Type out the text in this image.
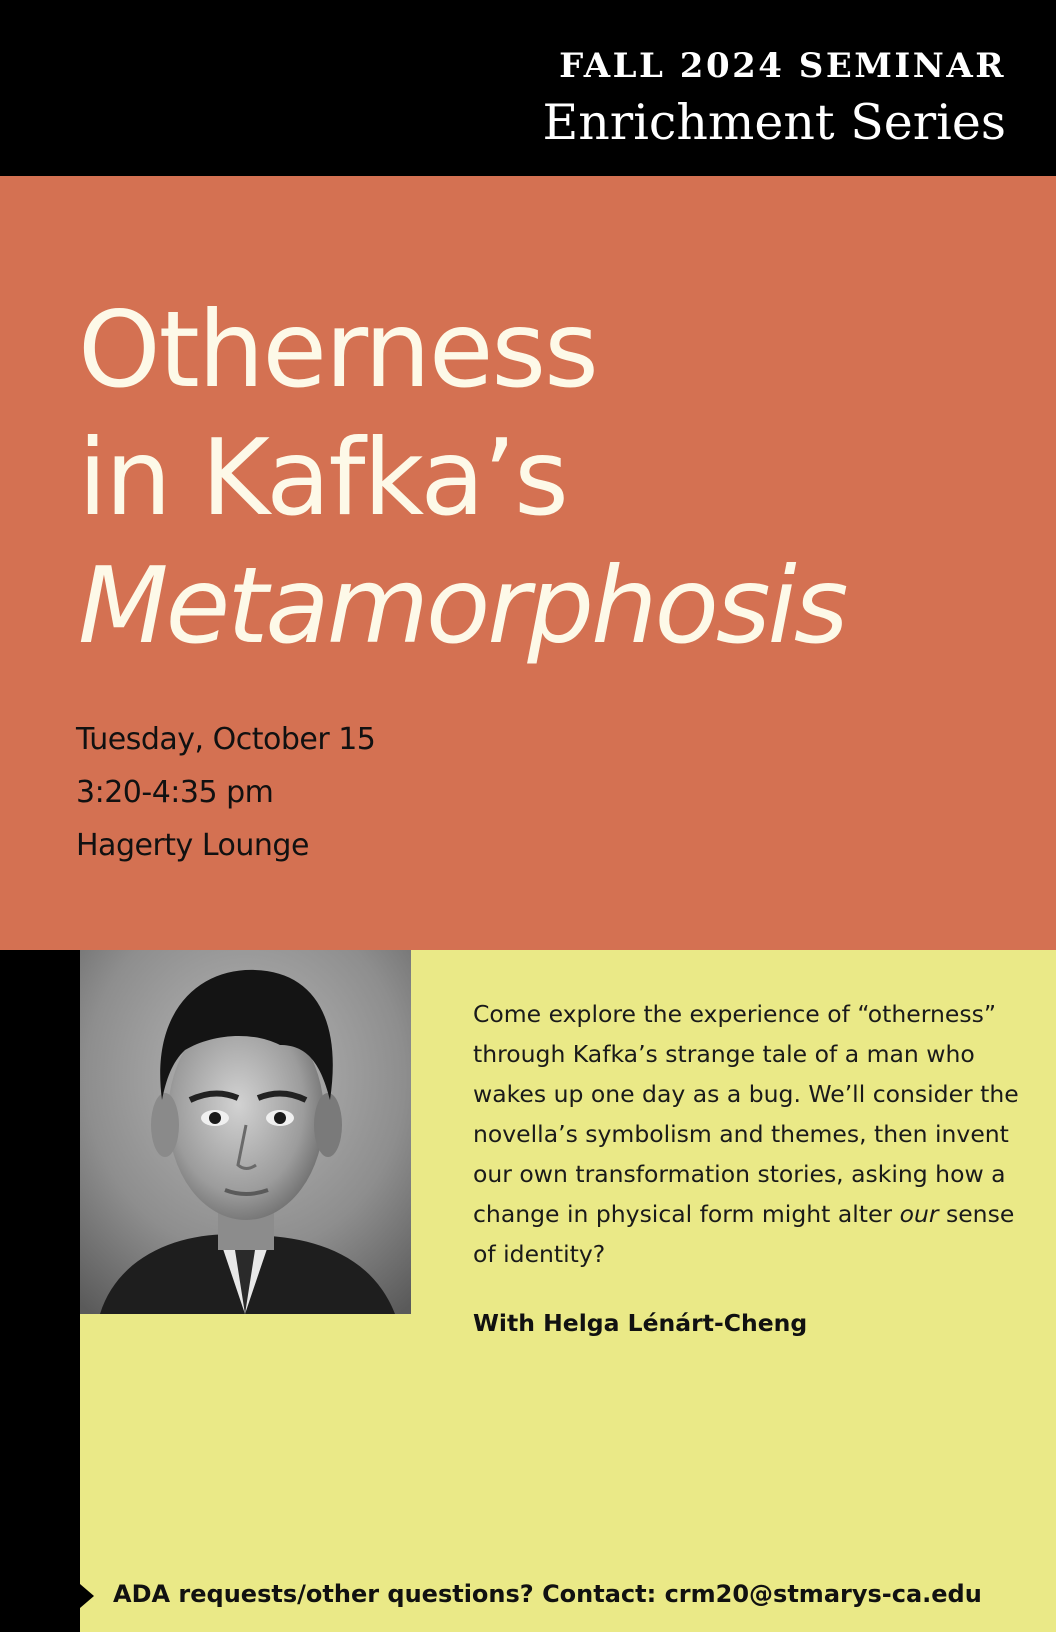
FALL 2024 SEMINAR
Enrichment Series
Otherness
in Kafka’s
Metamorphosis
Tuesday, October 15
3:20-4:35 pm
Hagerty Lounge

Come explore the experience of “otherness” through Kafka’s strange tale of a man who wakes up one day as a bug. We’ll consider the novella’s symbolism and themes, then invent our own transformation stories, asking how a change in physical form might alter our sense of identity?

With Helga Lénárt-Cheng
ADA requests/other questions? Contact: crm20@stmarys-ca.edu
